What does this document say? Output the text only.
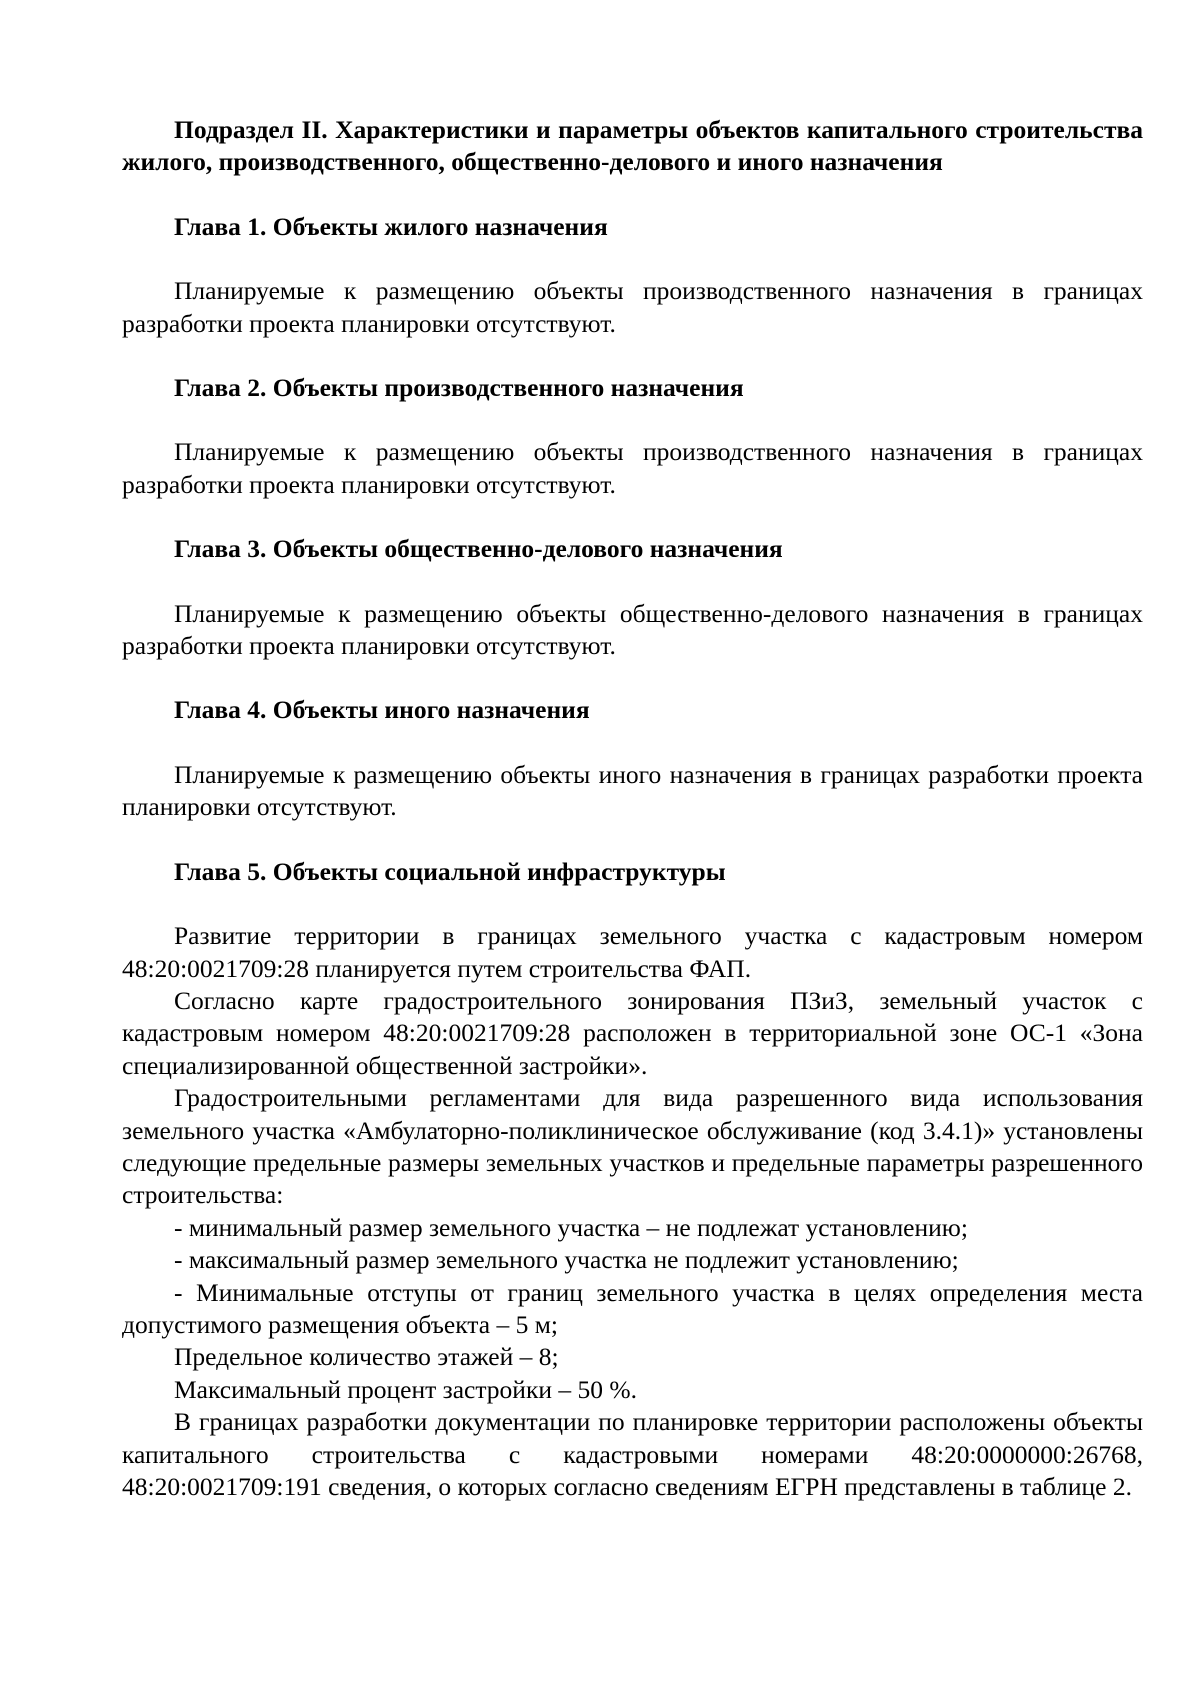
Подраздел II. Характеристики и параметры объектов капитального строительства жилого, производственного, общественно-делового и иного назначения

Глава 1. Объекты жилого назначения

Планируемые к размещению объекты производственного назначения в границах разработки проекта планировки отсутствуют.

Глава 2. Объекты производственного назначения

Планируемые к размещению объекты производственного назначения в границах разработки проекта планировки отсутствуют.

Глава 3. Объекты общественно-делового назначения

Планируемые к размещению объекты общественно-делового назначения в границах разработки проекта планировки отсутствуют.

Глава 4. Объекты иного назначения

Планируемые к размещению объекты иного назначения в границах разработки проекта планировки отсутствуют.

Глава 5. Объекты социальной инфраструктуры

Развитие территории в границах земельного участка с кадастровым номером 48:20:0021709:28 планируется путем строительства ФАП.

Согласно карте градостроительного зонирования ПЗиЗ, земельный участок с кадастровым номером 48:20:0021709:28 расположен в территориальной зоне ОС-1 «Зона специализированной общественной застройки».

Градостроительными регламентами для вида разрешенного вида использования земельного участка «Амбулаторно-поликлиническое обслуживание (код 3.4.1)» установлены следующие предельные размеры земельных участков и предельные параметры разрешенного строительства:

- минимальный размер земельного участка – не подлежат установлению;

- максимальный размер земельного участка не подлежит установлению;

- Минимальные отступы от границ земельного участка в целях определения места допустимого размещения объекта – 5 м;

Предельное количество этажей – 8;

Максимальный процент застройки – 50 %.

В границах разработки документации по планировке территории расположены объекты капитального строительства с кадастровыми номерами 48:20:0000000:26768, 48:20:0021709:191 сведения, о которых согласно сведениям ЕГРН представлены в таблице 2.
